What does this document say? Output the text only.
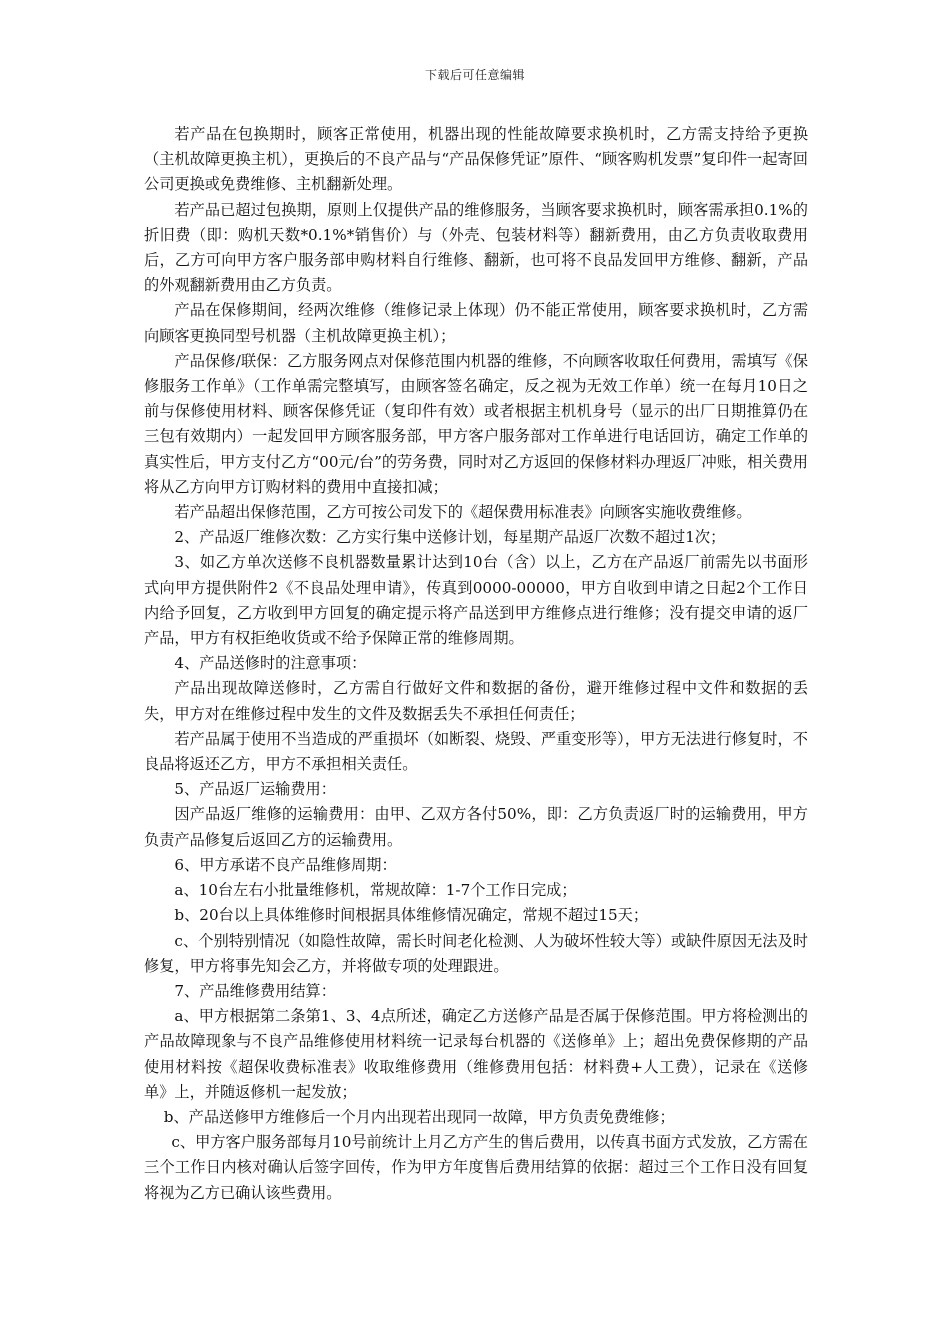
下载后可任意编辑

若产品在包换期时，顾客正常使用，机器出现的性能故障要求换机时，乙方需支持给予更换（主机故障更换主机），更换后的不良产品与“产品保修凭证”原件、“顾客购机发票”复印件一起寄回公司更换或免费维修、主机翻新处理。

若产品已超过包换期，原则上仅提供产品的维修服务，当顾客要求换机时，顾客需承担0.1%的折旧费（即：购机天数*0.1%*销售价）与（外壳、包装材料等）翻新费用，由乙方负责收取费用后，乙方可向甲方客户服务部申购材料自行维修、翻新，也可将不良品发回甲方维修、翻新，产品的外观翻新费用由乙方负责。

产品在保修期间，经两次维修（维修记录上体现）仍不能正常使用，顾客要求换机时，乙方需向顾客更换同型号机器（主机故障更换主机）；

产品保修/联保：乙方服务网点对保修范围内机器的维修，不向顾客收取任何费用，需填写《保修服务工作单》（工作单需完整填写，由顾客签名确定，反之视为无效工作单）统一在每月10日之前与保修使用材料、顾客保修凭证（复印件有效）或者根据主机机身号（显示的出厂日期推算仍在三包有效期内）一起发回甲方顾客服务部，甲方客户服务部对工作单进行电话回访，确定工作单的真实性后，甲方支付乙方“00元/台”的劳务费，同时对乙方返回的保修材料办理返厂冲账，相关费用将从乙方向甲方订购材料的费用中直接扣减；

若产品超出保修范围，乙方可按公司发下的《超保费用标准表》向顾客实施收费维修。

2、产品返厂维修次数：乙方实行集中送修计划，每星期产品返厂次数不超过1次；

3、如乙方单次送修不良机器数量累计达到10台（含）以上，乙方在产品返厂前需先以书面形式向甲方提供附件2《不良品处理申请》，传真到0000-00000，甲方自收到申请之日起2个工作日内给予回复，乙方收到甲方回复的确定提示将产品送到甲方维修点进行维修；没有提交申请的返厂产品，甲方有权拒绝收货或不给予保障正常的维修周期。

4、产品送修时的注意事项：

产品出现故障送修时，乙方需自行做好文件和数据的备份，避开维修过程中文件和数据的丢失，甲方对在维修过程中发生的文件及数据丢失不承担任何责任；

若产品属于使用不当造成的严重损坏（如断裂、烧毁、严重变形等），甲方无法进行修复时，不良品将返还乙方，甲方不承担相关责任。

5、产品返厂运输费用：

因产品返厂维修的运输费用：由甲、乙双方各付50%，即：乙方负责返厂时的运输费用，甲方负责产品修复后返回乙方的运输费用。

6、甲方承诺不良产品维修周期：

a、10台左右小批量维修机，常规故障：1-7个工作日完成；

b、20台以上具体维修时间根据具体维修情况确定，常规不超过15天；

c、个别特别情况（如隐性故障，需长时间老化检测、人为破坏性较大等）或缺件原因无法及时修复，甲方将事先知会乙方，并将做专项的处理跟进。

7、产品维修费用结算：

a、甲方根据第二条第1、3、4点所述，确定乙方送修产品是否属于保修范围。甲方将检测出的产品故障现象与不良产品维修使用材料统一记录每台机器的《送修单》上；超出免费保修期的产品使用材料按《超保收费标准表》收取维修费用（维修费用包括：材料费+人工费），记录在《送修单》上，并随返修机一起发放；

b、产品送修甲方维修后一个月内出现若出现同一故障，甲方负责免费维修；

c、甲方客户服务部每月10号前统计上月乙方产生的售后费用，以传真书面方式发放，乙方需在三个工作日内核对确认后签字回传，作为甲方年度售后费用结算的依据：超过三个工作日没有回复将视为乙方已确认该些费用。
